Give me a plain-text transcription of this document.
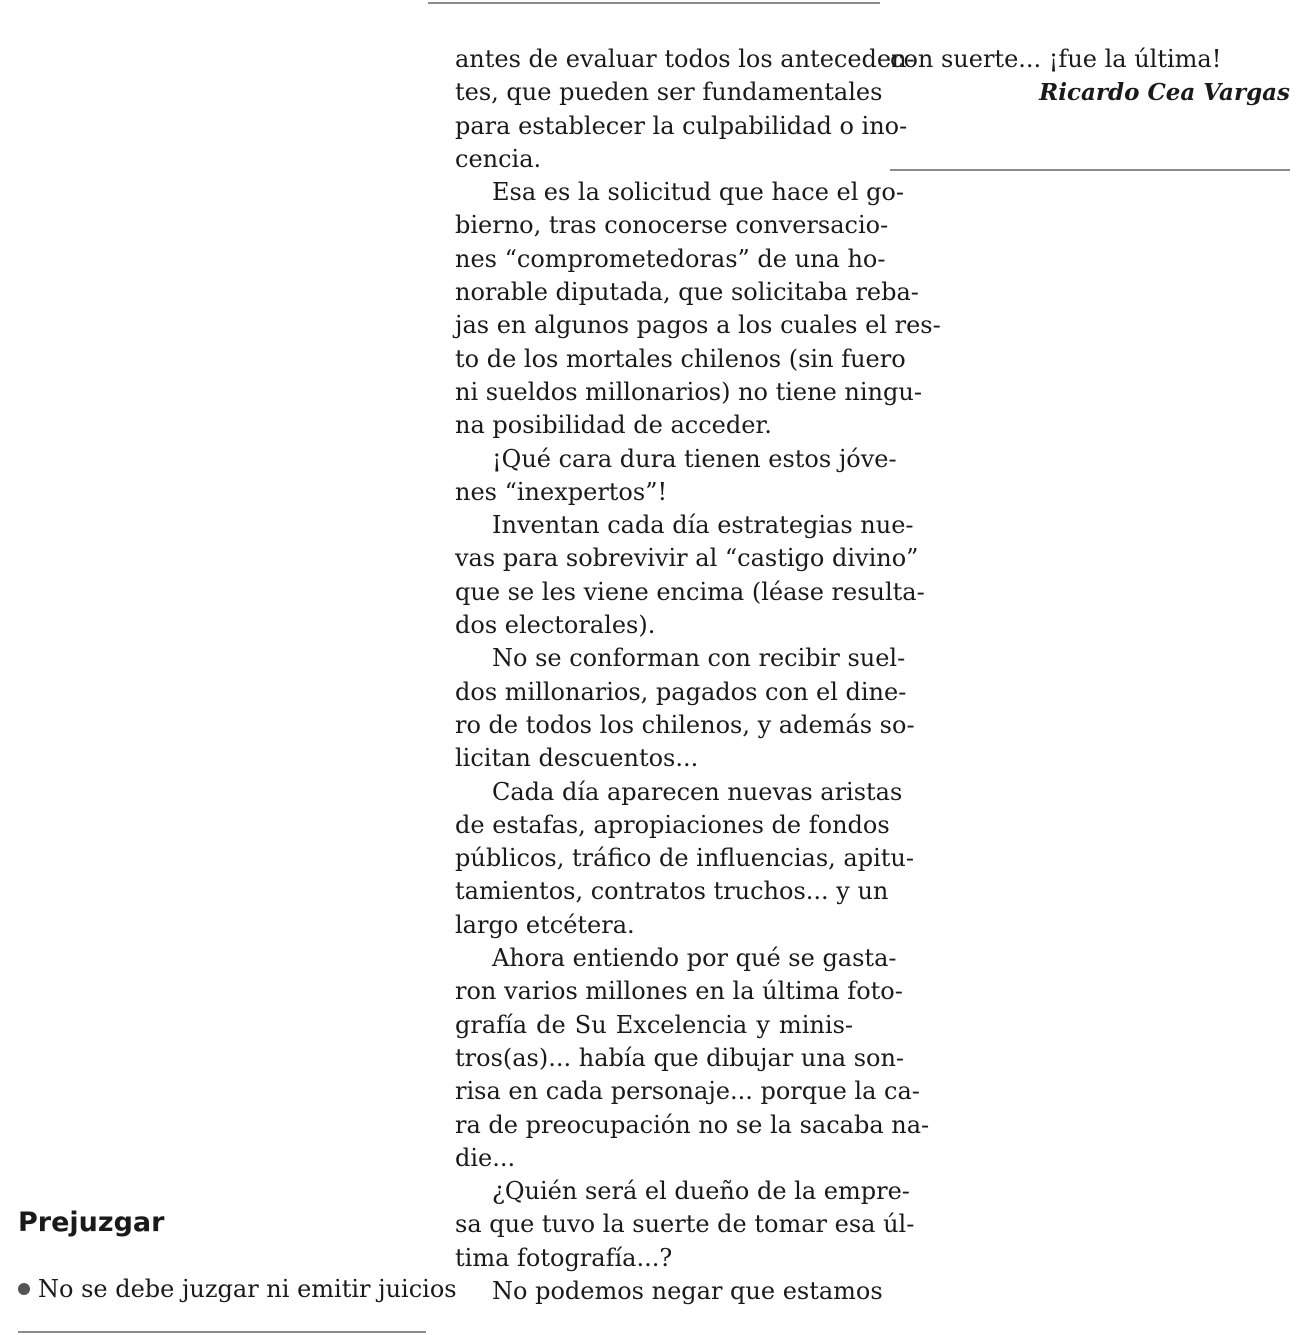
antes de evaluar todos los anteceden-
tes, que pueden ser fundamentales
para establecer la culpabilidad o ino-
cencia.
Esa es la solicitud que hace el go-
bierno, tras conocerse conversacio-
nes “comprometedoras” de una ho-
norable diputada, que solicitaba reba-
jas en algunos pagos a los cuales el res-
to de los mortales chilenos (sin fuero
ni sueldos millonarios) no tiene ningu-
na posibilidad de acceder.
¡Qué cara dura tienen estos jóve-
nes “inexpertos”!
Inventan cada día estrategias nue-
vas para sobrevivir al “castigo divino”
que se les viene encima (léase resulta-
dos electorales).
No se conforman con recibir suel-
dos millonarios, pagados con el dine-
ro de todos los chilenos, y además so-
licitan descuentos...
Cada día aparecen nuevas aristas
de estafas, apropiaciones de fondos
públicos, tráfico de influencias, apitu-
tamientos, contratos truchos... y un
largo etcétera.
Ahora entiendo por qué se gasta-
ron varios millones en la última foto-
grafía de Su Excelencia y minis-
tros(as)... había que dibujar una son-
risa en cada personaje... porque la ca-
ra de preocupación no se la sacaba na-
die...
¿Quién será el dueño de la empre-
sa que tuvo la suerte de tomar esa úl-
tima fotografía...?
No podemos negar que estamos
con suerte... ¡fue la última!
Ricardo Cea Vargas
Prejuzgar
No se debe juzgar ni emitir juicios
